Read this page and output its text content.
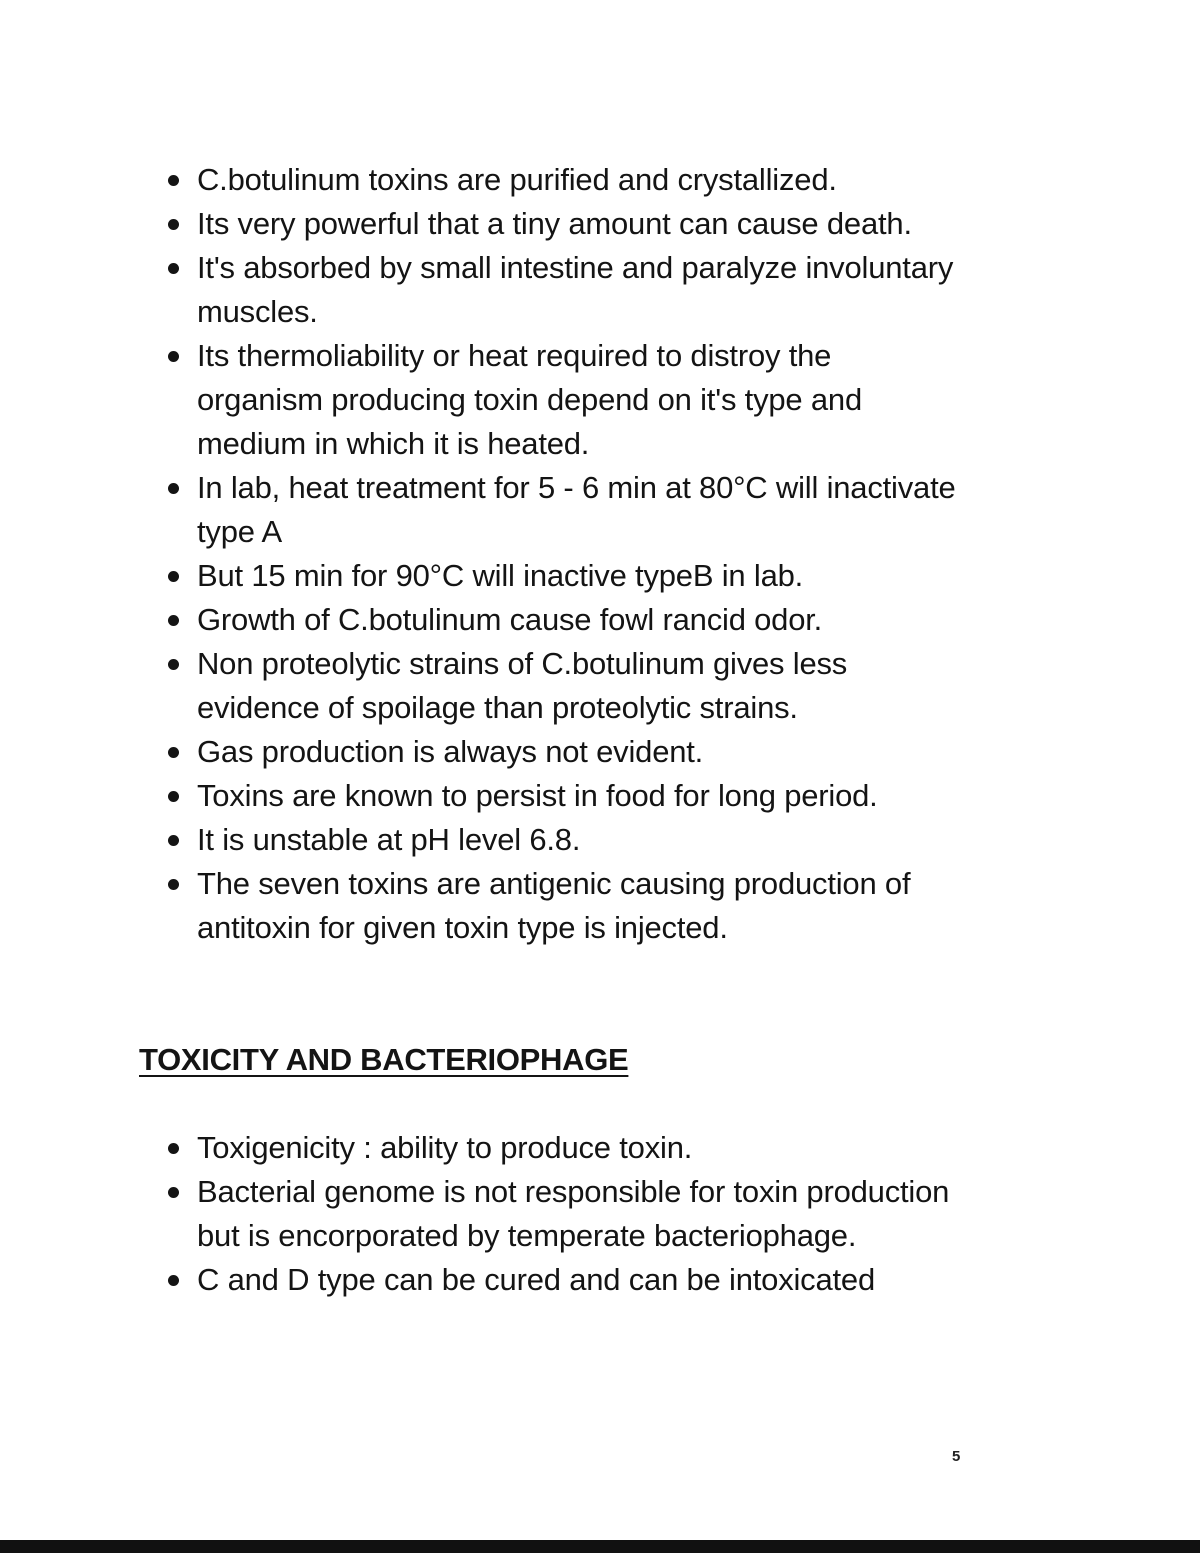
C.botulinum toxins are purified and crystallized.
Its very powerful that a tiny amount can cause death.
It's absorbed by small intestine and paralyze involuntary muscles.
Its thermoliability or heat required to distroy the organism producing toxin depend on it's type and medium in which it is heated.
In lab, heat treatment for 5 - 6 min at 80°C will inactivate type A
But 15 min for 90°C will inactive typeB in lab.
Growth of C.botulinum cause fowl rancid odor.
Non proteolytic strains of C.botulinum gives less evidence of spoilage than proteolytic strains.
Gas production is always not evident.
Toxins are known to persist in food for long period.
It is unstable at pH level 6.8.
The seven toxins are antigenic causing production of antitoxin for given toxin type is injected.
TOXICITY AND BACTERIOPHAGE
Toxigenicity : ability to produce toxin.
Bacterial genome is not responsible for toxin production but is encorporated by temperate bacteriophage.
C and D type can be cured and can be intoxicated
5
